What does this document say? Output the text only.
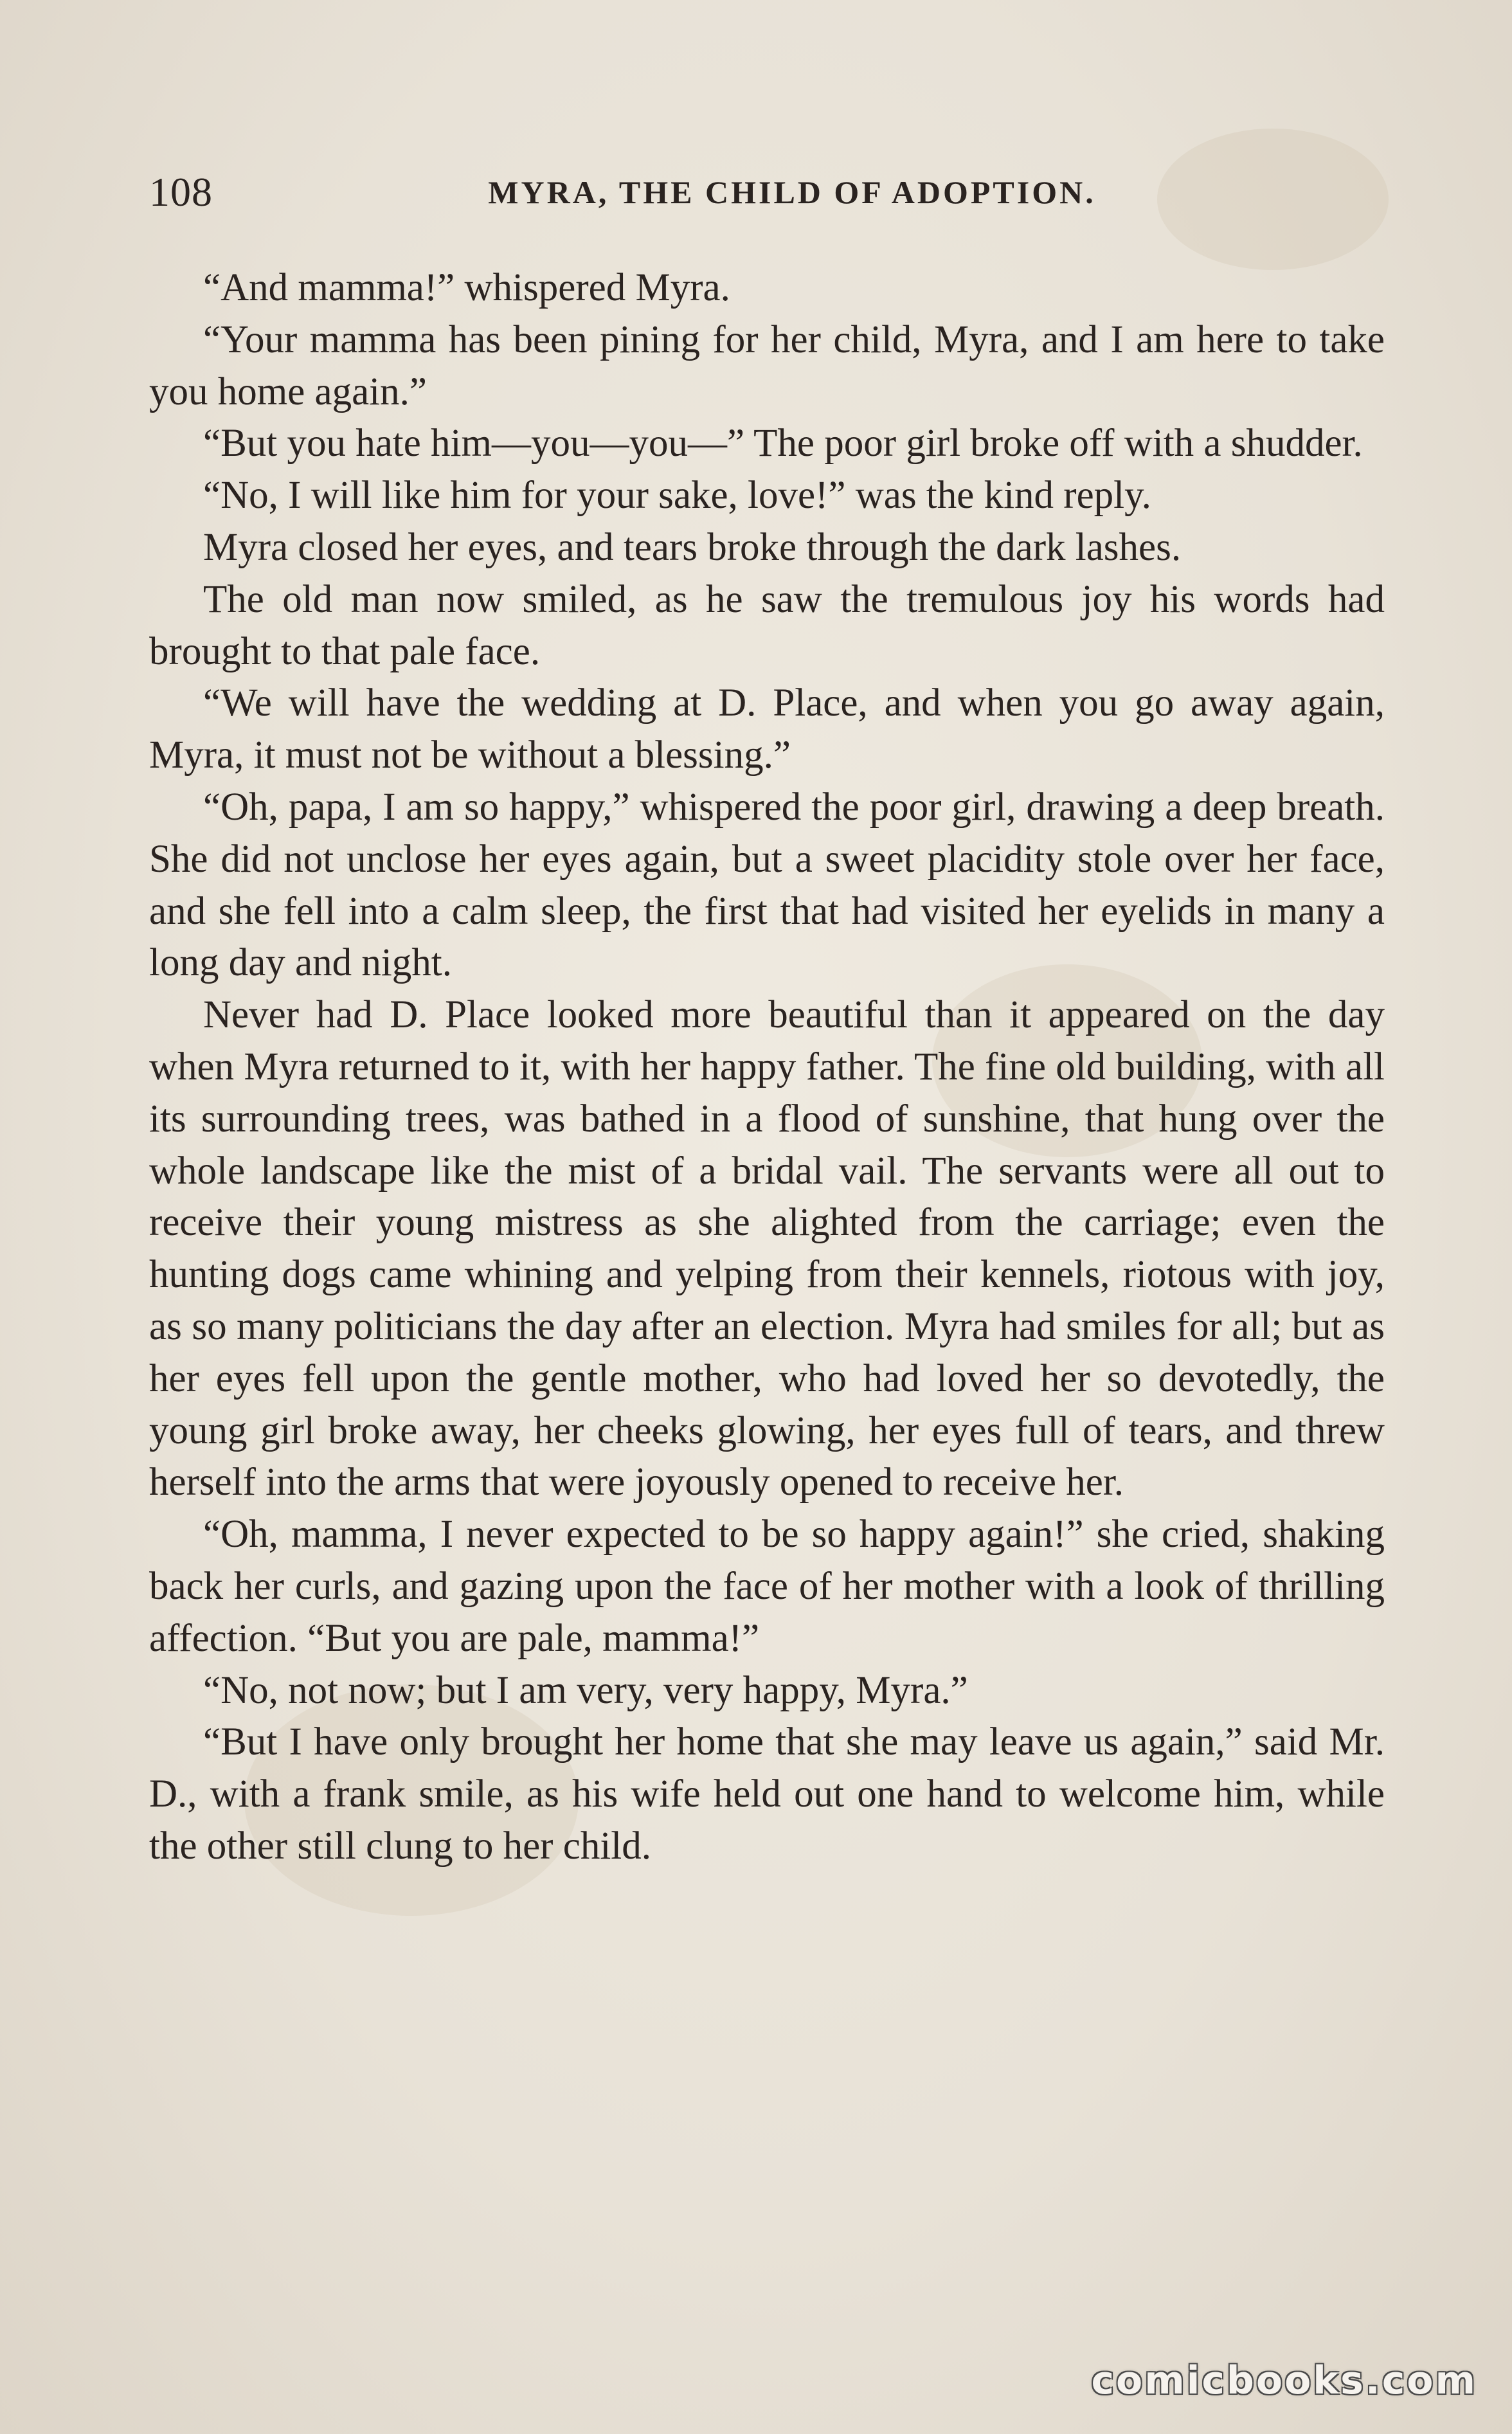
108	MYRA, THE CHILD OF ADOPTION.

“And mamma!” whispered Myra.

“Your mamma has been pining for her child, Myra, and I am here to take you home again.”

“But you hate him—you—you—” The poor girl broke off with a shudder.

“No, I will like him for your sake, love!” was the kind reply.

Myra closed her eyes, and tears broke through the dark lashes.

The old man now smiled, as he saw the tremulous joy his words had brought to that pale face.

“We will have the wedding at D. Place, and when you go away again, Myra, it must not be without a blessing.”

“Oh, papa, I am so happy,” whispered the poor girl, drawing a deep breath. She did not unclose her eyes again, but a sweet placidity stole over her face, and she fell into a calm sleep, the first that had visited her eyelids in many a long day and night.

Never had D. Place looked more beautiful than it appeared on the day when Myra returned to it, with her happy father. The fine old building, with all its surrounding trees, was bathed in a flood of sunshine, that hung over the whole landscape like the mist of a bridal vail. The servants were all out to receive their young mistress as she alighted from the carriage; even the hunting dogs came whining and yelping from their kennels, riotous with joy, as so many politicians the day after an election. Myra had smiles for all; but as her eyes fell upon the gentle mother, who had loved her so devotedly, the young girl broke away, her cheeks glowing, her eyes full of tears, and threw herself into the arms that were joyously opened to receive her.

“Oh, mamma, I never expected to be so happy again!” she cried, shaking back her curls, and gazing upon the face of her mother with a look of thrilling affection. “But you are pale, mamma!”

“No, not now; but I am very, very happy, Myra.”

“But I have only brought her home that she may leave us again,” said Mr. D., with a frank smile, as his wife held out one hand to welcome him, while the other still clung to her child.

comicbooks.com
